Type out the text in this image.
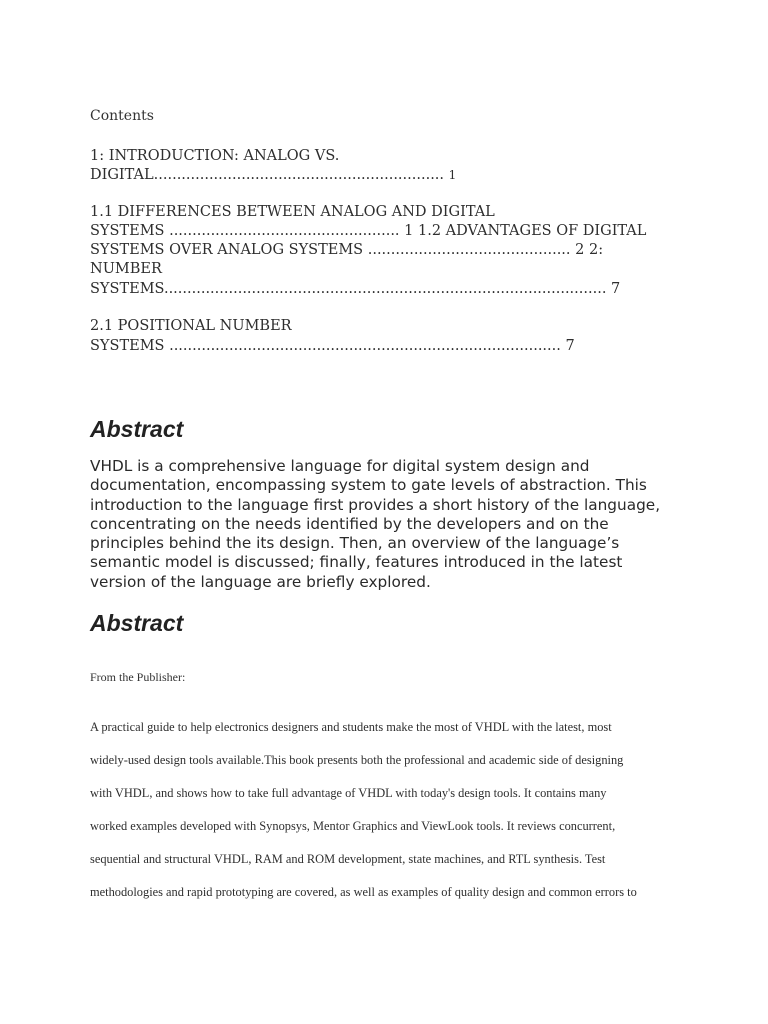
Contents
1: INTRODUCTION: ANALOG VS.
DIGITAL............................................................... 1
1.1 DIFFERENCES BETWEEN ANALOG AND DIGITAL
SYSTEMS .................................................. 1 1.2 ADVANTAGES OF DIGITAL
SYSTEMS OVER ANALOG SYSTEMS ............................................ 2 2:
NUMBER
SYSTEMS................................................................................................ 7
2.1 POSITIONAL NUMBER
SYSTEMS ..................................................................................... 7
Abstract
VHDL is a comprehensive language for digital system design and documentation, encompassing system to gate levels of abstraction. This introduction to the language first provides a short history of the language, concentrating on the needs identified by the developers and on the principles behind the its design. Then, an overview of the language’s semantic model is discussed; finally, features introduced in the latest version of the language are briefly explored.
Abstract
From the Publisher:
A practical guide to help electronics designers and students make the most of VHDL with the latest, most
widely-used design tools available.This book presents both the professional and academic side of designing
with VHDL, and shows how to take full advantage of VHDL with today's design tools. It contains many
worked examples developed with Synopsys, Mentor Graphics and ViewLook tools. It reviews concurrent,
sequential and structural VHDL, RAM and ROM development, state machines, and RTL synthesis. Test
methodologies and rapid prototyping are covered, as well as examples of quality design and common errors to
